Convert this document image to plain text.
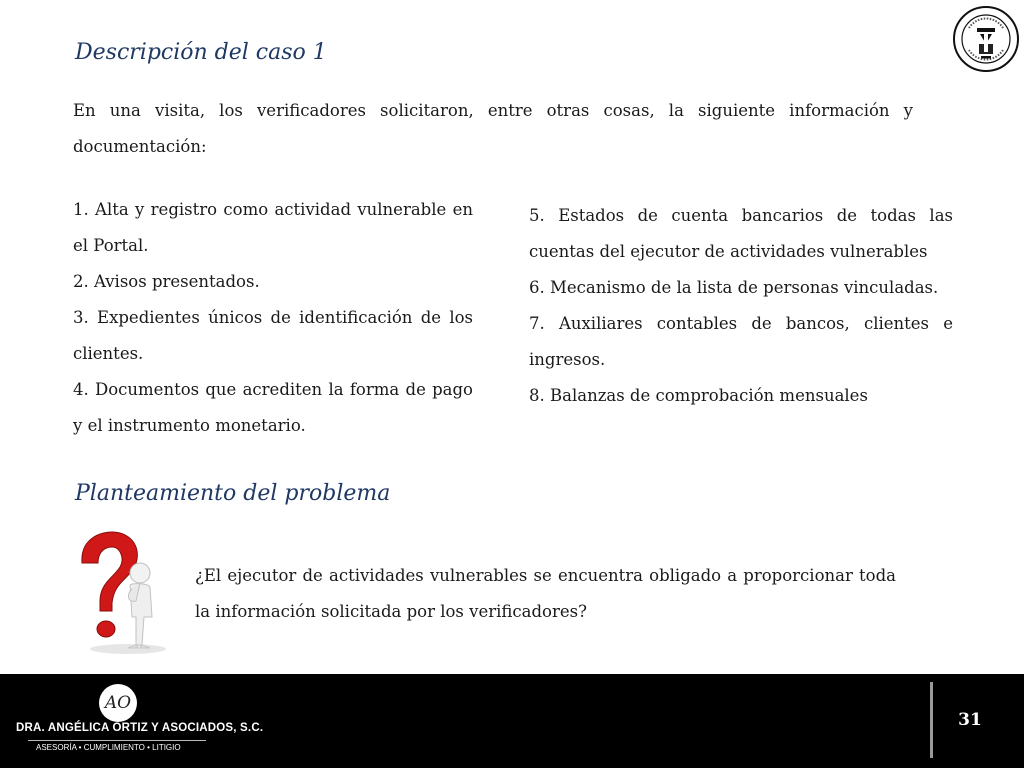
Descripción del caso 1

En una visita, los verificadores solicitaron, entre otras cosas, la siguiente información y documentación:

1. Alta y registro como actividad vulnerable en el Portal.
2. Avisos presentados.
3. Expedientes únicos de identificación de los clientes.
4. Documentos que acrediten la forma de pago y el instrumento monetario.
5. Estados de cuenta bancarios de todas las cuentas del ejecutor de actividades vulnerables
6. Mecanismo de la lista de personas vinculadas.
7. Auxiliares contables de bancos, clientes e ingresos.
8. Balanzas de comprobación mensuales
Planteamiento del problema

¿El ejecutor de actividades vulnerables se encuentra obligado a proporcionar toda la información solicitada por los verificadores?

AO
DRA. ANGÉLICA ORTIZ Y ASOCIADOS, S.C.
ASESORÍA • CUMPLIMIENTO • LITIGIO
31
